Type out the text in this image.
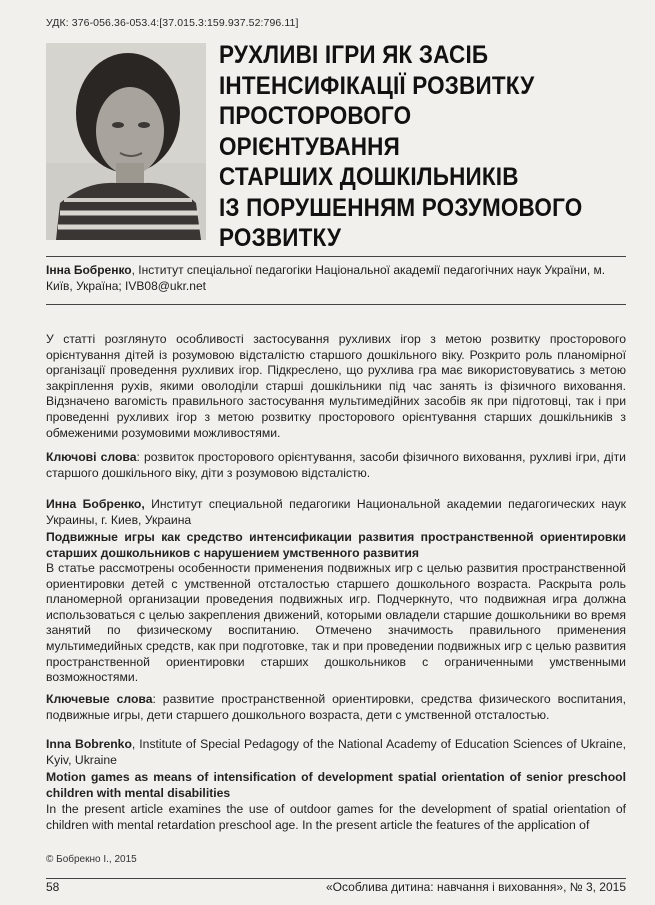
УДК: 376-056.36-053.4:[37.015.3:159.937.52:796.11]
РУХЛИВІ ІГРИ ЯК ЗАСІБ
ІНТЕНСИФІКАЦІЇ РОЗВИТКУ
ПРОСТОРОВОГО ОРІЄНТУВАННЯ
СТАРШИХ ДОШКІЛЬНИКІВ
ІЗ ПОРУШЕННЯМ РОЗУМОВОГО
РОЗВИТКУ
Інна Бобренко, Інститут спеціальної педагогіки Національної академії педагогічних наук України, м. Київ, Україна; IVB08@ukr.net
У статті розглянуто особливості застосування рухливих ігор з метою розвитку просторового орієнтування дітей із розумовою відсталістю старшого дошкільного віку. Розкрито роль планомірної організації проведення рухливих ігор. Підкреслено, що рухлива гра має використовуватись з метою закріплення рухів, якими оволоділи старші дошкільники під час занять із фізичного виховання. Відзначено вагомість правильного застосування мультимедійних засобів як при підготовці, так і при проведенні рухливих ігор з метою розвитку просторового орієнтування старших дошкільників з обмеженими розумовими можливостями.
Ключові слова: розвиток просторового орієнтування, засоби фізичного виховання, рухливі ігри, діти старшого дошкільного віку, діти з розумовою відсталістю.
Инна Бобренко, Институт специальной педагогики Национальной академии педагогических наук Украины, г. Киев, Украина
Подвижные игры как средство интенсификации развития пространственной ориентировки старших дошкольников с нарушением умственного развития
В статье рассмотрены особенности применения подвижных игр с целью развития пространственной ориентировки детей с умственной отсталостью старшего дошкольного возраста. Раскрыта роль планомерной организации проведения подвижных игр. Подчеркнуто, что подвижная игра должна использоваться с целью закрепления движений, которыми овладели старшие дошкольники во время занятий по физическому воспитанию. Отмечено значимость правильного применения мультимедийных средств, как при подготовке, так и при проведении подвижных игр с целью развития пространственной ориентировки старших дошкольников с ограниченными умственными возможностями.
Ключевые слова: развитие пространственной ориентировки, средства физического воспитания, подвижные игры, дети старшего дошкольного возраста, дети с умственной отсталостью.
Inna Bobrenko, Institute of Special Pedagogy of the National Academy of Education Sciences of Ukraine, Kyiv, Ukraine
Motion games as means of intensification of development spatial orientation of senior preschool children with mental disabilities
In the present article examines the use of outdoor games for the development of spatial orientation of children with mental retardation preschool age. In the present article the features of the application of
© Бобрекно І., 2015
58	«Особлива дитина: навчання і виховання», № 3, 2015
